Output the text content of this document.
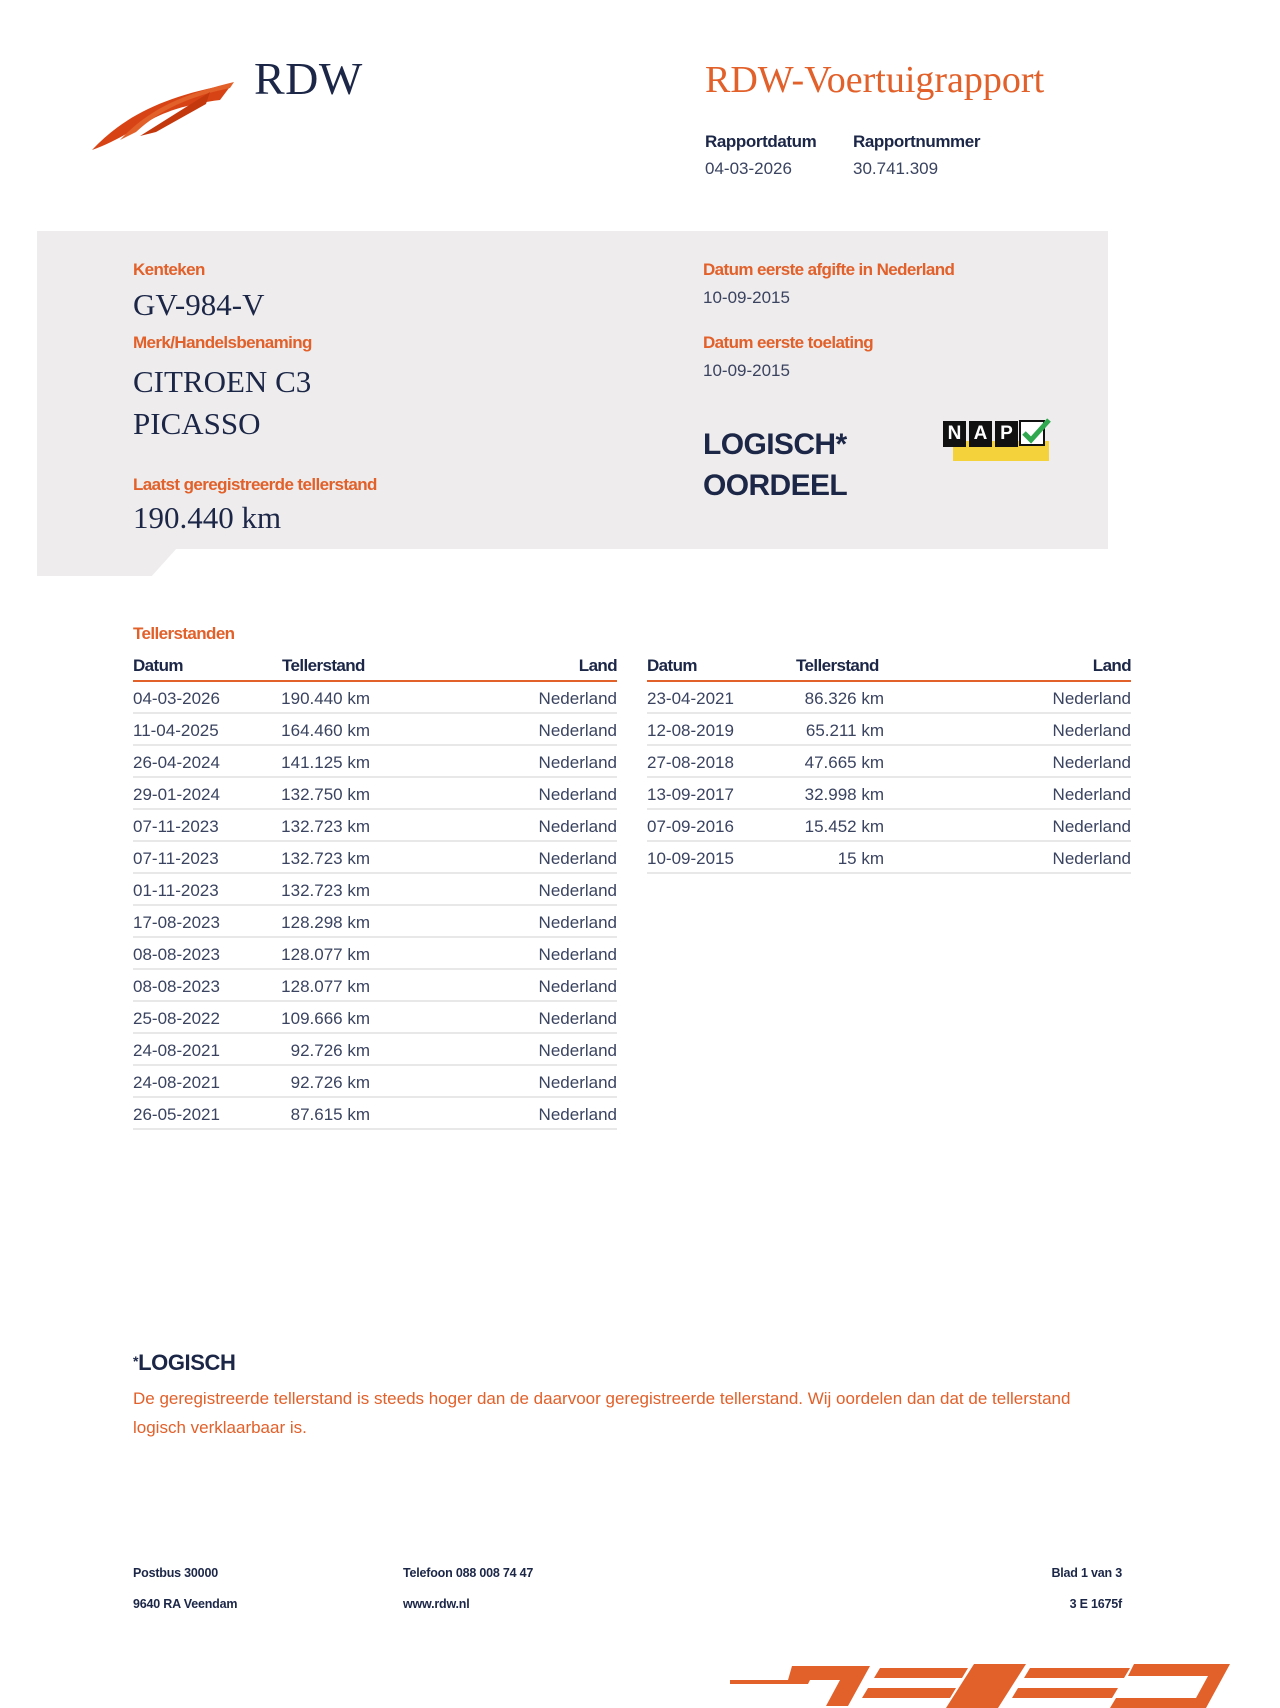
RDW	RDW-Voertuigrapport
Rapportdatum
04-03-2026
Rapportnummer
30.741.309
Kenteken
GV-984-V
Merk/Handelsbenaming
CITROEN C3
PICASSO
Laatst geregistreerde tellerstand
190.440 km
Datum eerste afgifte in Nederland
10-09-2015
Datum eerste toelating
10-09-2015
LOGISCH*
OORDEEL
N A P
Tellerstanden
Datum	Tellerstand	Land
04-03-2026	190.440 km	Nederland
11-04-2025	164.460 km	Nederland
26-04-2024	141.125 km	Nederland
29-01-2024	132.750 km	Nederland
07-11-2023	132.723 km	Nederland
07-11-2023	132.723 km	Nederland
01-11-2023	132.723 km	Nederland
17-08-2023	128.298 km	Nederland
08-08-2023	128.077 km	Nederland
08-08-2023	128.077 km	Nederland
25-08-2022	109.666 km	Nederland
24-08-2021	92.726 km	Nederland
24-08-2021	92.726 km	Nederland
26-05-2021	87.615 km	Nederland
Datum	Tellerstand	Land
23-04-2021	86.326 km	Nederland
12-08-2019	65.211 km	Nederland
27-08-2018	47.665 km	Nederland
13-09-2017	32.998 km	Nederland
07-09-2016	15.452 km	Nederland
10-09-2015	15 km	Nederland
*LOGISCH
De geregistreerde tellerstand is steeds hoger dan de daarvoor geregistreerde tellerstand. Wij oordelen dan dat de tellerstand logisch verklaarbaar is.
Postbus 30000
9640 RA Veendam
Telefoon 088 008 74 47
www.rdw.nl
Blad 1 van 3
3 E 1675f
